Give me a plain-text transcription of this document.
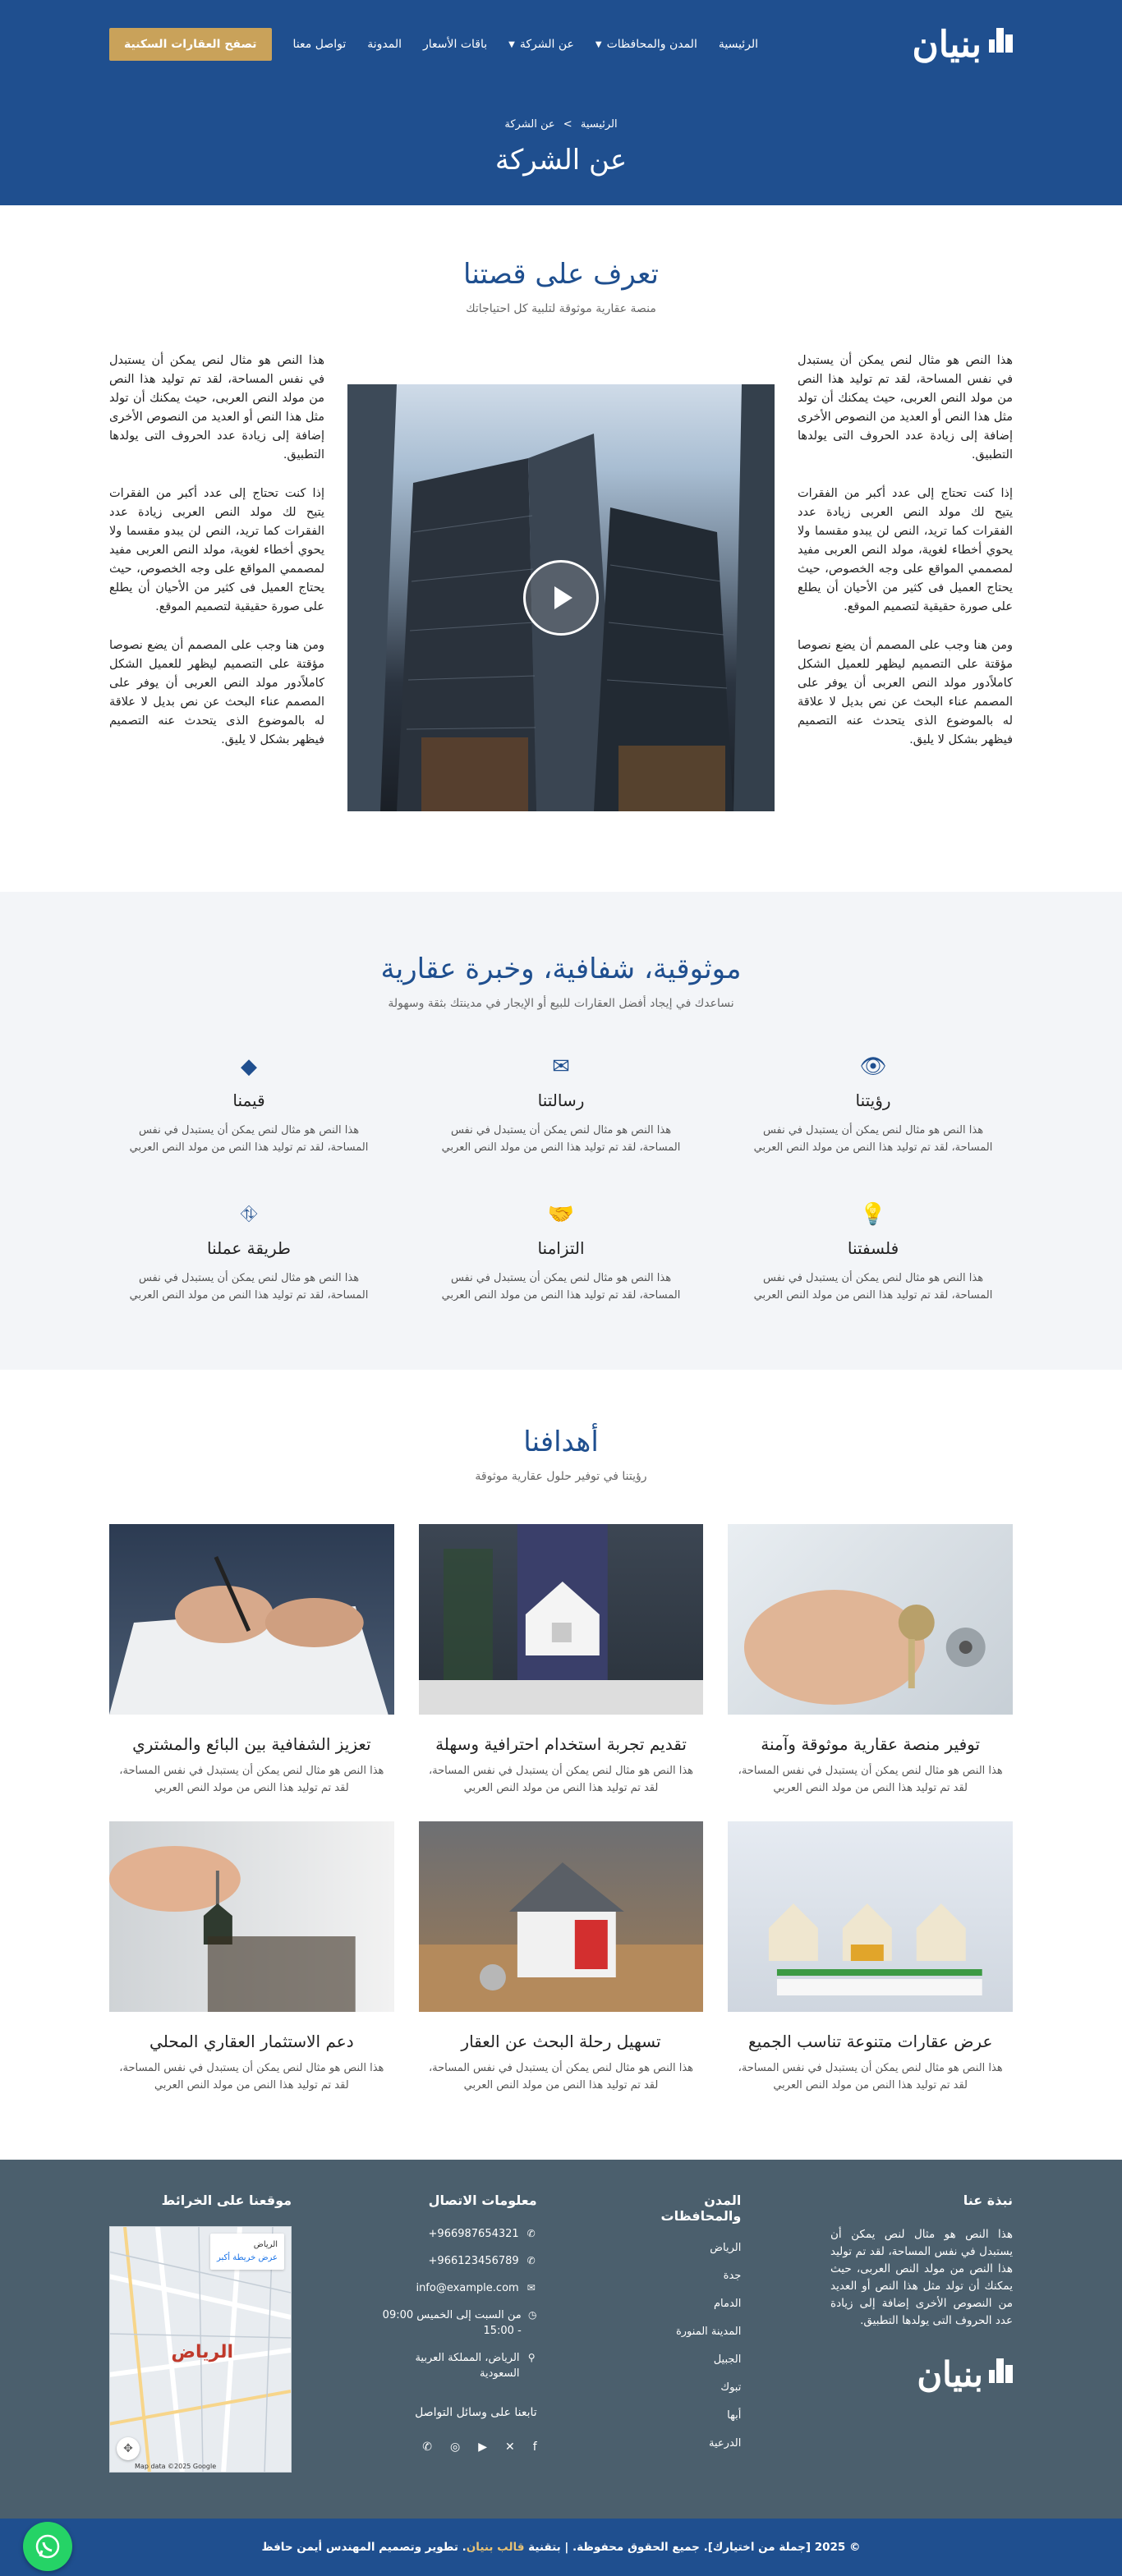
بنيان
الرئيسية
المدن والمحافظات
▼
عن الشركة
▼
باقات الأسعار
المدونة
تواصل معنا
تصفح العقارات السكنية
الرئيسية > عن الشركة
عن الشركة
تعرف على قصتنا

منصة عقارية موثوقة لتلبية كل احتياجاتك

هذا النص هو مثال لنص يمكن أن يستبدل في نفس المساحة، لقد تم توليد هذا النص من مولد النص العربى، حيث يمكنك أن تولد مثل هذا النص أو العديد من النصوص الأخرى إضافة إلى زيادة عدد الحروف التى يولدها التطبيق.

إذا كنت تحتاج إلى عدد أكبر من الفقرات يتيح لك مولد النص العربى زيادة عدد الفقرات كما تريد، النص لن يبدو مقسما ولا يحوي أخطاء لغوية، مولد النص العربى مفيد لمصممي المواقع على وجه الخصوص، حيث يحتاج العميل فى كثير من الأحيان أن يطلع على صورة حقيقية لتصميم الموقع.

ومن هنا وجب على المصمم أن يضع نصوصا مؤقتة على التصميم ليظهر للعميل الشكل كاملاًدور مولد النص العربى أن يوفر على المصمم عناء البحث عن نص بديل لا علاقة له بالموضوع الذى يتحدث عنه التصميم فيظهر بشكل لا يليق.

هذا النص هو مثال لنص يمكن أن يستبدل في نفس المساحة، لقد تم توليد هذا النص من مولد النص العربى، حيث يمكنك أن تولد مثل هذا النص أو العديد من النصوص الأخرى إضافة إلى زيادة عدد الحروف التى يولدها التطبيق.

إذا كنت تحتاج إلى عدد أكبر من الفقرات يتيح لك مولد النص العربى زيادة عدد الفقرات كما تريد، النص لن يبدو مقسما ولا يحوي أخطاء لغوية، مولد النص العربى مفيد لمصممي المواقع على وجه الخصوص، حيث يحتاج العميل فى كثير من الأحيان أن يطلع على صورة حقيقية لتصميم الموقع.

ومن هنا وجب على المصمم أن يضع نصوصا مؤقتة على التصميم ليظهر للعميل الشكل كاملاًدور مولد النص العربى أن يوفر على المصمم عناء البحث عن نص بديل لا علاقة له بالموضوع الذى يتحدث عنه التصميم فيظهر بشكل لا يليق.

موثوقية، شفافية، وخبرة عقارية

نساعدك في إيجاد أفضل العقارات للبيع أو الإيجار في مدينتك بثقة وسهولة

👁
رؤيتنا

هذا النص هو مثال لنص يمكن أن يستبدل في نفس المساحة، لقد تم توليد هذا النص من مولد النص العربي

✉
رسالتنا

هذا النص هو مثال لنص يمكن أن يستبدل في نفس المساحة، لقد تم توليد هذا النص من مولد النص العربي

◆
قيمنا

هذا النص هو مثال لنص يمكن أن يستبدل في نفس المساحة، لقد تم توليد هذا النص من مولد النص العربي

💡
فلسفتنا

هذا النص هو مثال لنص يمكن أن يستبدل في نفس المساحة، لقد تم توليد هذا النص من مولد النص العربي

🤝
التزامنا

هذا النص هو مثال لنص يمكن أن يستبدل في نفس المساحة، لقد تم توليد هذا النص من مولد النص العربي

⛗
طريقة عملنا

هذا النص هو مثال لنص يمكن أن يستبدل في نفس المساحة، لقد تم توليد هذا النص من مولد النص العربي

أهدافنا

رؤيتنا في توفير حلول عقارية موثوقة

توفير منصة عقارية موثوقة وآمنة

هذا النص هو مثال لنص يمكن أن يستبدل في نفس المساحة، لقد تم توليد هذا النص من مولد النص العربي

تقديم تجربة استخدام احترافية وسهلة

هذا النص هو مثال لنص يمكن أن يستبدل في نفس المساحة، لقد تم توليد هذا النص من مولد النص العربي

تعزيز الشفافية بين البائع والمشتري

هذا النص هو مثال لنص يمكن أن يستبدل في نفس المساحة، لقد تم توليد هذا النص من مولد النص العربي

عرض عقارات متنوعة تناسب الجميع

هذا النص هو مثال لنص يمكن أن يستبدل في نفس المساحة، لقد تم توليد هذا النص من مولد النص العربي

تسهيل رحلة البحث عن العقار

هذا النص هو مثال لنص يمكن أن يستبدل في نفس المساحة، لقد تم توليد هذا النص من مولد النص العربي

دعم الاستثمار العقاري المحلي

هذا النص هو مثال لنص يمكن أن يستبدل في نفس المساحة، لقد تم توليد هذا النص من مولد النص العربي

نبذة عنا

هذا النص هو مثال لنص يمكن أن يستبدل في نفس المساحة، لقد تم توليد هذا النص من مولد النص العربى، حيث يمكنك أن تولد مثل هذا النص أو العديد من النصوص الأخرى إضافة إلى زيادة عدد الحروف التى يولدها التطبيق.

بنيان
المدن والمحافظات
الرياض
جدة
الدمام
المدينة المنورة
الجبيل
تبوك
أبها
الدرعية
معلومات الاتصال
✆
+966987654321
✆
+966123456789
✉
info@example.com
◷
من السبت إلى الخميس 09:00 - 15:00
⚲
الرياض، المملكة العربية السعودية
تابعنا على وسائل التواصل
f
✕
▶
◎
✆
موقعنا على الخرائط
الرياض
عرض خريطة أكبر
الرياض
✥
Map data ©2025 Google
© 2025 [جملة من اختيارك]. جميع الحقوق محفوظة. | بتقنية قالب بنيان. تطوير وتصميم المهندس أيمن حافظ
